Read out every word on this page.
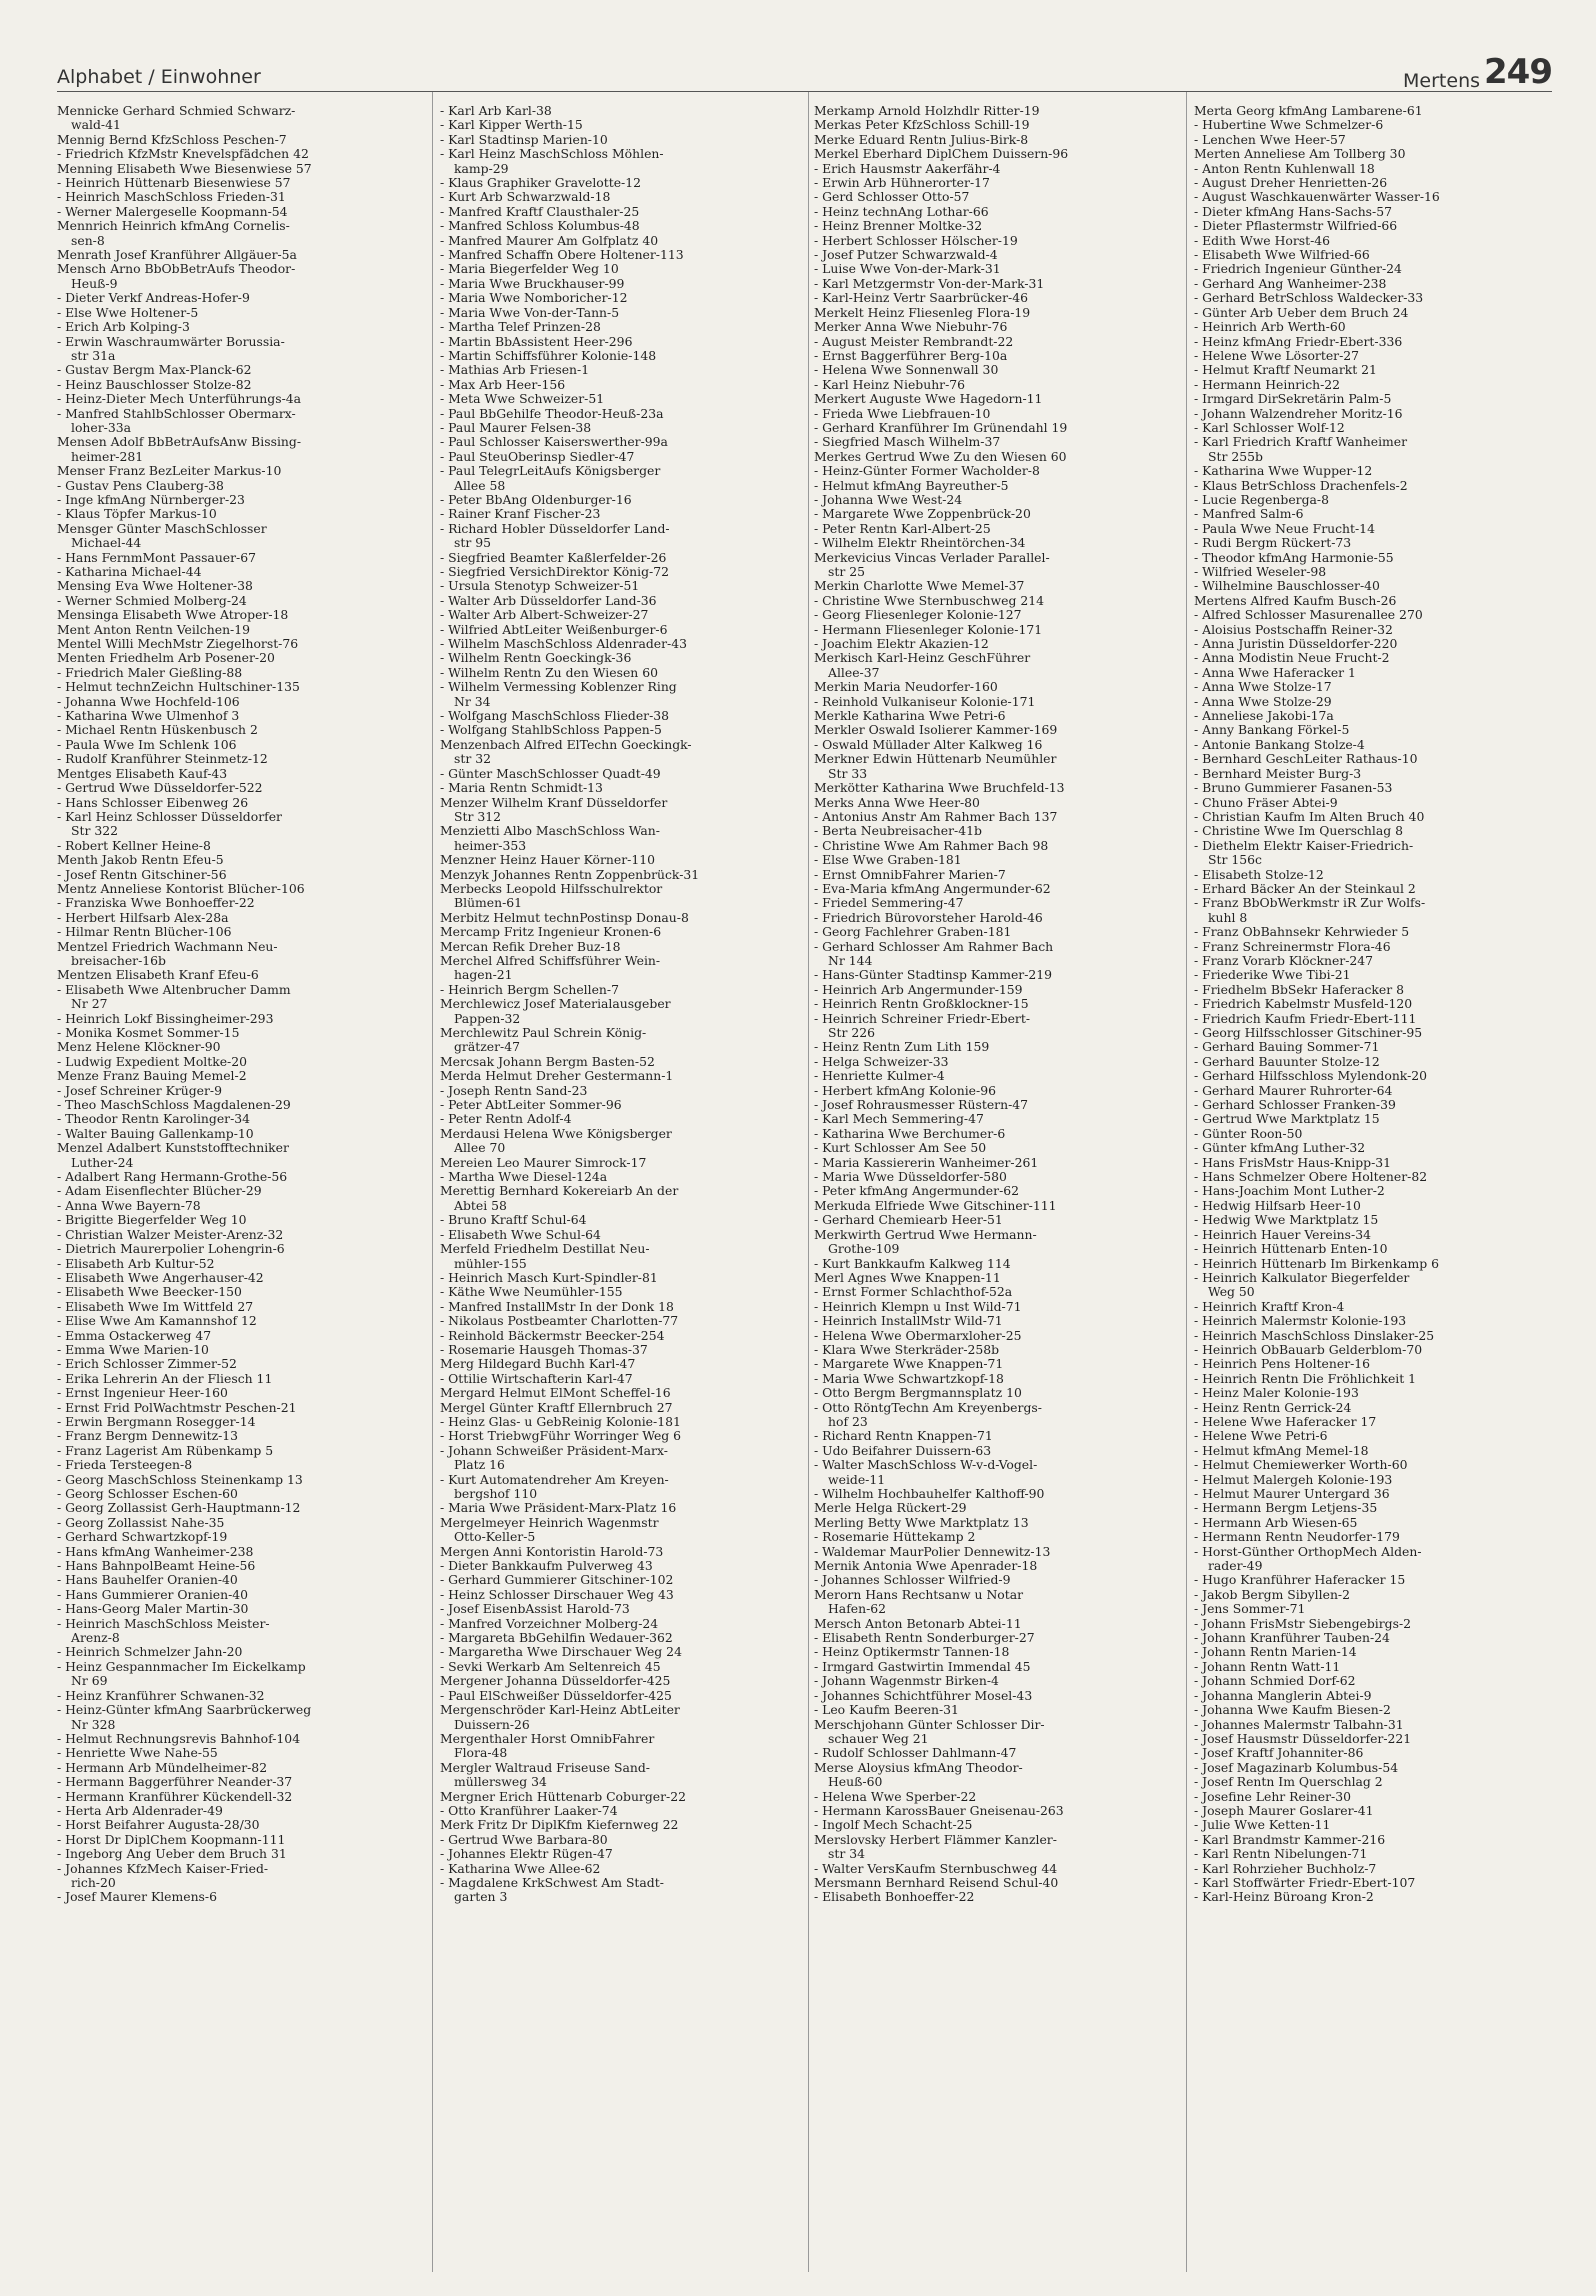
Alphabet / Einwohner	Mertens 249
Mennicke Gerhard Schmied Schwarz-
wald-41
Mennig Bernd KfzSchloss Peschen-7
- Friedrich KfzMstr Knevelspfädchen 42
Menning Elisabeth Wwe Biesenwiese 57
- Heinrich Hüttenarb Biesenwiese 57
- Heinrich MaschSchloss Frieden-31
- Werner Malergeselle Koopmann-54
Mennrich Heinrich kfmAng Cornelis-
sen-8
Menrath Josef Kranführer Allgäuer-5a
Mensch Arno BbObBetrAufs Theodor-
Heuß-9
- Dieter Verkf Andreas-Hofer-9
- Else Wwe Holtener-5
- Erich Arb Kolping-3
- Erwin Waschraumwärter Borussia-
str 31a
- Gustav Bergm Max-Planck-62
- Heinz Bauschlosser Stolze-82
- Heinz-Dieter Mech Unterführungs-4a
- Manfred StahlbSchlosser Obermarx-
loher-33a
Mensen Adolf BbBetrAufsAnw Bissing-
heimer-281
Menser Franz BezLeiter Markus-10
- Gustav Pens Clauberg-38
- Inge kfmAng Nürnberger-23
- Klaus Töpfer Markus-10
Mensger Günter MaschSchlosser
Michael-44
- Hans FernmMont Passauer-67
- Katharina Michael-44
Mensing Eva Wwe Holtener-38
- Werner Schmied Molberg-24
Mensinga Elisabeth Wwe Atroper-18
Ment Anton Rentn Veilchen-19
Mentel Willi MechMstr Ziegelhorst-76
Menten Friedhelm Arb Posener-20
- Friedrich Maler Gießling-88
- Helmut technZeichn Hultschiner-135
- Johanna Wwe Hochfeld-106
- Katharina Wwe Ulmenhof 3
- Michael Rentn Hüskenbusch 2
- Paula Wwe Im Schlenk 106
- Rudolf Kranführer Steinmetz-12
Mentges Elisabeth Kauf-43
- Gertrud Wwe Düsseldorfer-522
- Hans Schlosser Eibenweg 26
- Karl Heinz Schlosser Düsseldorfer
Str 322
- Robert Kellner Heine-8
Menth Jakob Rentn Efeu-5
- Josef Rentn Gitschiner-56
Mentz Anneliese Kontorist Blücher-106
- Franziska Wwe Bonhoeffer-22
- Herbert Hilfsarb Alex-28a
- Hilmar Rentn Blücher-106
Mentzel Friedrich Wachmann Neu-
breisacher-16b
Mentzen Elisabeth Kranf Efeu-6
- Elisabeth Wwe Altenbrucher Damm
Nr 27
- Heinrich Lokf Bissingheimer-293
- Monika Kosmet Sommer-15
Menz Helene Klöckner-90
- Ludwig Expedient Moltke-20
Menze Franz Bauing Memel-2
- Josef Schreiner Krüger-9
- Theo MaschSchloss Magdalenen-29
- Theodor Rentn Karolinger-34
- Walter Bauing Gallenkamp-10
Menzel Adalbert Kunststofftechniker
Luther-24
- Adalbert Rang Hermann-Grothe-56
- Adam Eisenflechter Blücher-29
- Anna Wwe Bayern-78
- Brigitte Biegerfelder Weg 10
- Christian Walzer Meister-Arenz-32
- Dietrich Maurerpolier Lohengrin-6
- Elisabeth Arb Kultur-52
- Elisabeth Wwe Angerhauser-42
- Elisabeth Wwe Beecker-150
- Elisabeth Wwe Im Wittfeld 27
- Elise Wwe Am Kamannshof 12
- Emma Ostackerweg 47
- Emma Wwe Marien-10
- Erich Schlosser Zimmer-52
- Erika Lehrerin An der Fliesch 11
- Ernst Ingenieur Heer-160
- Ernst Frid PolWachtmstr Peschen-21
- Erwin Bergmann Rosegger-14
- Franz Bergm Dennewitz-13
- Franz Lagerist Am Rübenkamp 5
- Frieda Tersteegen-8
- Georg MaschSchloss Steinenkamp 13
- Georg Schlosser Eschen-60
- Georg Zollassist Gerh-Hauptmann-12
- Georg Zollassist Nahe-35
- Gerhard Schwartzkopf-19
- Hans kfmAng Wanheimer-238
- Hans BahnpolBeamt Heine-56
- Hans Bauhelfer Oranien-40
- Hans Gummierer Oranien-40
- Hans-Georg Maler Martin-30
- Heinrich MaschSchloss Meister-
Arenz-8
- Heinrich Schmelzer Jahn-20
- Heinz Gespannmacher Im Eickelkamp
Nr 69
- Heinz Kranführer Schwanen-32
- Heinz-Günter kfmAng Saarbrückerweg
Nr 328
- Helmut Rechnungsrevis Bahnhof-104
- Henriette Wwe Nahe-55
- Hermann Arb Mündelheimer-82
- Hermann Baggerführer Neander-37
- Hermann Kranführer Kückendell-32
- Herta Arb Aldenrader-49
- Horst Beifahrer Augusta-28/30
- Horst Dr DiplChem Koopmann-111
- Ingeborg Ang Ueber dem Bruch 31
- Johannes KfzMech Kaiser-Fried-
rich-20
- Josef Maurer Klemens-6
- Karl Arb Karl-38
- Karl Kipper Werth-15
- Karl Stadtinsp Marien-10
- Karl Heinz MaschSchloss Möhlen-
kamp-29
- Klaus Graphiker Gravelotte-12
- Kurt Arb Schwarzwald-18
- Manfred Kraftf Clausthaler-25
- Manfred Schloss Kolumbus-48
- Manfred Maurer Am Golfplatz 40
- Manfred Schaffn Obere Holtener-113
- Maria Biegerfelder Weg 10
- Maria Wwe Bruckhauser-99
- Maria Wwe Nomboricher-12
- Maria Wwe Von-der-Tann-5
- Martha Telef Prinzen-28
- Martin BbAssistent Heer-296
- Martin Schiffsführer Kolonie-148
- Mathias Arb Friesen-1
- Max Arb Heer-156
- Meta Wwe Schweizer-51
- Paul BbGehilfe Theodor-Heuß-23a
- Paul Maurer Felsen-38
- Paul Schlosser Kaiserswerther-99a
- Paul SteuOberinsp Siedler-47
- Paul TelegrLeitAufs Königsberger
Allee 58
- Peter BbAng Oldenburger-16
- Rainer Kranf Fischer-23
- Richard Hobler Düsseldorfer Land-
str 95
- Siegfried Beamter Kaßlerfelder-26
- Siegfried VersichDirektor König-72
- Ursula Stenotyp Schweizer-51
- Walter Arb Düsseldorfer Land-36
- Walter Arb Albert-Schweizer-27
- Wilfried AbtLeiter Weißenburger-6
- Wilhelm MaschSchloss Aldenrader-43
- Wilhelm Rentn Goeckingk-36
- Wilhelm Rentn Zu den Wiesen 60
- Wilhelm Vermessing Koblenzer Ring
Nr 34
- Wolfgang MaschSchloss Flieder-38
- Wolfgang StahlbSchloss Pappen-5
Menzenbach Alfred ElTechn Goeckingk-
str 32
- Günter MaschSchlosser Quadt-49
- Maria Rentn Schmidt-13
Menzer Wilhelm Kranf Düsseldorfer
Str 312
Menzietti Albo MaschSchloss Wan-
heimer-353
Menzner Heinz Hauer Körner-110
Menzyk Johannes Rentn Zoppenbrück-31
Merbecks Leopold Hilfsschulrektor
Blümen-61
Merbitz Helmut technPostinsp Donau-8
Mercamp Fritz Ingenieur Kronen-6
Mercan Refik Dreher Buz-18
Merchel Alfred Schiffsführer Wein-
hagen-21
- Heinrich Bergm Schellen-7
Merchlewicz Josef Materialausgeber
Pappen-32
Merchlewitz Paul Schrein König-
grätzer-47
Mercsak Johann Bergm Basten-52
Merda Helmut Dreher Gestermann-1
- Joseph Rentn Sand-23
- Peter AbtLeiter Sommer-96
- Peter Rentn Adolf-4
Merdausi Helena Wwe Königsberger
Allee 70
Mereien Leo Maurer Simrock-17
- Martha Wwe Diesel-124a
Merettig Bernhard Kokereiarb An der
Abtei 58
- Bruno Kraftf Schul-64
- Elisabeth Wwe Schul-64
Merfeld Friedhelm Destillat Neu-
mühler-155
- Heinrich Masch Kurt-Spindler-81
- Käthe Wwe Neumühler-155
- Manfred InstallMstr In der Donk 18
- Nikolaus Postbeamter Charlotten-77
- Reinhold Bäckermstr Beecker-254
- Rosemarie Hausgeh Thomas-37
Merg Hildegard Buchh Karl-47
- Ottilie Wirtschafterin Karl-47
Mergard Helmut ElMont Scheffel-16
Mergel Günter Kraftf Ellernbruch 27
- Heinz Glas- u GebReinig Kolonie-181
- Horst TriebwgFühr Worringer Weg 6
- Johann Schweißer Präsident-Marx-
Platz 16
- Kurt Automatendreher Am Kreyen-
bergshof 110
- Maria Wwe Präsident-Marx-Platz 16
Mergelmeyer Heinrich Wagenmstr
Otto-Keller-5
Mergen Anni Kontoristin Harold-73
- Dieter Bankkaufm Pulverweg 43
- Gerhard Gummierer Gitschiner-102
- Heinz Schlosser Dirschauer Weg 43
- Josef EisenbAssist Harold-73
- Manfred Vorzeichner Molberg-24
- Margareta BbGehilfin Wedauer-362
- Margaretha Wwe Dirschauer Weg 24
- Sevki Werkarb Am Seltenreich 45
Mergener Johanna Düsseldorfer-425
- Paul ElSchweißer Düsseldorfer-425
Mergenschröder Karl-Heinz AbtLeiter
Duissern-26
Mergenthaler Horst OmnibFahrer
Flora-48
Mergler Waltraud Friseuse Sand-
müllersweg 34
Mergner Erich Hüttenarb Coburger-22
- Otto Kranführer Laaker-74
Merk Fritz Dr DiplKfm Kiefernweg 22
- Gertrud Wwe Barbara-80
- Johannes Elektr Rügen-47
- Katharina Wwe Allee-62
- Magdalene KrkSchwest Am Stadt-
garten 3
Merkamp Arnold Holzhdlr Ritter-19
Merkas Peter KfzSchloss Schill-19
Merke Eduard Rentn Julius-Birk-8
Merkel Eberhard DiplChem Duissern-96
- Erich Hausmstr Aakerfähr-4
- Erwin Arb Hühnerorter-17
- Gerd Schlosser Otto-57
- Heinz technAng Lothar-66
- Heinz Brenner Moltke-32
- Herbert Schlosser Hölscher-19
- Josef Putzer Schwarzwald-4
- Luise Wwe Von-der-Mark-31
- Karl Metzgermstr Von-der-Mark-31
- Karl-Heinz Vertr Saarbrücker-46
Merkelt Heinz Fliesenleg Flora-19
Merker Anna Wwe Niebuhr-76
- August Meister Rembrandt-22
- Ernst Baggerführer Berg-10a
- Helena Wwe Sonnenwall 30
- Karl Heinz Niebuhr-76
Merkert Auguste Wwe Hagedorn-11
- Frieda Wwe Liebfrauen-10
- Gerhard Kranführer Im Grünendahl 19
- Siegfried Masch Wilhelm-37
Merkes Gertrud Wwe Zu den Wiesen 60
- Heinz-Günter Former Wacholder-8
- Helmut kfmAng Bayreuther-5
- Johanna Wwe West-24
- Margarete Wwe Zoppenbrück-20
- Peter Rentn Karl-Albert-25
- Wilhelm Elektr Rheintörchen-34
Merkevicius Vincas Verlader Parallel-
str 25
Merkin Charlotte Wwe Memel-37
- Christine Wwe Sternbuschweg 214
- Georg Fliesenleger Kolonie-127
- Hermann Fliesenleger Kolonie-171
- Joachim Elektr Akazien-12
Merkisch Karl-Heinz GeschFührer
Allee-37
Merkin Maria Neudorfer-160
- Reinhold Vulkaniseur Kolonie-171
Merkle Katharina Wwe Petri-6
Merkler Oswald Isolierer Kammer-169
- Oswald Müllader Alter Kalkweg 16
Merkner Edwin Hüttenarb Neumühler
Str 33
Merkötter Katharina Wwe Bruchfeld-13
Merks Anna Wwe Heer-80
- Antonius Anstr Am Rahmer Bach 137
- Berta Neubreisacher-41b
- Christine Wwe Am Rahmer Bach 98
- Else Wwe Graben-181
- Ernst OmnibFahrer Marien-7
- Eva-Maria kfmAng Angermunder-62
- Friedel Semmering-47
- Friedrich Bürovorsteher Harold-46
- Georg Fachlehrer Graben-181
- Gerhard Schlosser Am Rahmer Bach
Nr 144
- Hans-Günter Stadtinsp Kammer-219
- Heinrich Arb Angermunder-159
- Heinrich Rentn Großklockner-15
- Heinrich Schreiner Friedr-Ebert-
Str 226
- Heinz Rentn Zum Lith 159
- Helga Schweizer-33
- Henriette Kulmer-4
- Herbert kfmAng Kolonie-96
- Josef Rohrausmesser Rüstern-47
- Karl Mech Semmering-47
- Katharina Wwe Berchumer-6
- Kurt Schlosser Am See 50
- Maria Kassiererin Wanheimer-261
- Maria Wwe Düsseldorfer-580
- Peter kfmAng Angermunder-62
Merkuda Elfriede Wwe Gitschiner-111
- Gerhard Chemiearb Heer-51
Merkwirth Gertrud Wwe Hermann-
Grothe-109
- Kurt Bankkaufm Kalkweg 114
Merl Agnes Wwe Knappen-11
- Ernst Former Schlachthof-52a
- Heinrich Klempn u Inst Wild-71
- Heinrich InstallMstr Wild-71
- Helena Wwe Obermarxloher-25
- Klara Wwe Sterkräder-258b
- Margarete Wwe Knappen-71
- Maria Wwe Schwartzkopf-18
- Otto Bergm Bergmannsplatz 10
- Otto RöntgTechn Am Kreyenbergs-
hof 23
- Richard Rentn Knappen-71
- Udo Beifahrer Duissern-63
- Walter MaschSchloss W-v-d-Vogel-
weide-11
- Wilhelm Hochbauhelfer Kalthoff-90
Merle Helga Rückert-29
Merling Betty Wwe Marktplatz 13
- Rosemarie Hüttekamp 2
- Waldemar MaurPolier Dennewitz-13
Mernik Antonia Wwe Apenrader-18
- Johannes Schlosser Wilfried-9
Merorn Hans Rechtsanw u Notar
Hafen-62
Mersch Anton Betonarb Abtei-11
- Elisabeth Rentn Sonderburger-27
- Heinz Optikermstr Tannen-18
- Irmgard Gastwirtin Immendal 45
- Johann Wagenmstr Birken-4
- Johannes Schichtführer Mosel-43
- Leo Kaufm Beeren-31
Merschjohann Günter Schlosser Dir-
schauer Weg 21
- Rudolf Schlosser Dahlmann-47
Merse Aloysius kfmAng Theodor-
Heuß-60
- Helena Wwe Sperber-22
- Hermann KarossBauer Gneisenau-263
- Ingolf Mech Schacht-25
Merslovsky Herbert Flämmer Kanzler-
str 34
- Walter VersKaufm Sternbuschweg 44
Mersmann Bernhard Reisend Schul-40
- Elisabeth Bonhoeffer-22
Merta Georg kfmAng Lambarene-61
- Hubertine Wwe Schmelzer-6
- Lenchen Wwe Heer-57
Merten Anneliese Am Tollberg 30
- Anton Rentn Kuhlenwall 18
- August Dreher Henrietten-26
- August Waschkauenwärter Wasser-16
- Dieter kfmAng Hans-Sachs-57
- Dieter Pflastermstr Wilfried-66
- Edith Wwe Horst-46
- Elisabeth Wwe Wilfried-66
- Friedrich Ingenieur Günther-24
- Gerhard Ang Wanheimer-238
- Gerhard BetrSchloss Waldecker-33
- Günter Arb Ueber dem Bruch 24
- Heinrich Arb Werth-60
- Heinz kfmAng Friedr-Ebert-336
- Helene Wwe Lösorter-27
- Helmut Kraftf Neumarkt 21
- Hermann Heinrich-22
- Irmgard DirSekretärin Palm-5
- Johann Walzendreher Moritz-16
- Karl Schlosser Wolf-12
- Karl Friedrich Kraftf Wanheimer
Str 255b
- Katharina Wwe Wupper-12
- Klaus BetrSchloss Drachenfels-2
- Lucie Regenberga-8
- Manfred Salm-6
- Paula Wwe Neue Frucht-14
- Rudi Bergm Rückert-73
- Theodor kfmAng Harmonie-55
- Wilfried Weseler-98
- Wilhelmine Bauschlosser-40
Mertens Alfred Kaufm Busch-26
- Alfred Schlosser Masurenallee 270
- Aloisius Postschaffn Reiner-32
- Anna Juristin Düsseldorfer-220
- Anna Modistin Neue Frucht-2
- Anna Wwe Haferacker 1
- Anna Wwe Stolze-17
- Anna Wwe Stolze-29
- Anneliese Jakobi-17a
- Anny Bankang Förkel-5
- Antonie Bankang Stolze-4
- Bernhard GeschLeiter Rathaus-10
- Bernhard Meister Burg-3
- Bruno Gummierer Fasanen-53
- Chuno Fräser Abtei-9
- Christian Kaufm Im Alten Bruch 40
- Christine Wwe Im Querschlag 8
- Diethelm Elektr Kaiser-Friedrich-
Str 156c
- Elisabeth Stolze-12
- Erhard Bäcker An der Steinkaul 2
- Franz BbObWerkmstr iR Zur Wolfs-
kuhl 8
- Franz ObBahnsekr Kehrwieder 5
- Franz Schreinermstr Flora-46
- Franz Vorarb Klöckner-247
- Friederike Wwe Tibi-21
- Friedhelm BbSekr Haferacker 8
- Friedrich Kabelmstr Musfeld-120
- Friedrich Kaufm Friedr-Ebert-111
- Georg Hilfsschlosser Gitschiner-95
- Gerhard Bauing Sommer-71
- Gerhard Bauunter Stolze-12
- Gerhard Hilfsschloss Mylendonk-20
- Gerhard Maurer Ruhrorter-64
- Gerhard Schlosser Franken-39
- Gertrud Wwe Marktplatz 15
- Günter Roon-50
- Günter kfmAng Luther-32
- Hans FrisMstr Haus-Knipp-31
- Hans Schmelzer Obere Holtener-82
- Hans-Joachim Mont Luther-2
- Hedwig Hilfsarb Heer-10
- Hedwig Wwe Marktplatz 15
- Heinrich Hauer Vereins-34
- Heinrich Hüttenarb Enten-10
- Heinrich Hüttenarb Im Birkenkamp 6
- Heinrich Kalkulator Biegerfelder
Weg 50
- Heinrich Kraftf Kron-4
- Heinrich Malermstr Kolonie-193
- Heinrich MaschSchloss Dinslaker-25
- Heinrich ObBauarb Gelderblom-70
- Heinrich Pens Holtener-16
- Heinrich Rentn Die Fröhlichkeit 1
- Heinz Maler Kolonie-193
- Heinz Rentn Gerrick-24
- Helene Wwe Haferacker 17
- Helene Wwe Petri-6
- Helmut kfmAng Memel-18
- Helmut Chemiewerker Worth-60
- Helmut Malergeh Kolonie-193
- Helmut Maurer Untergard 36
- Hermann Bergm Letjens-35
- Hermann Arb Wiesen-65
- Hermann Rentn Neudorfer-179
- Horst-Günther OrthopMech Alden-
rader-49
- Hugo Kranführer Haferacker 15
- Jakob Bergm Sibyllen-2
- Jens Sommer-71
- Johann FrisMstr Siebengebirgs-2
- Johann Kranführer Tauben-24
- Johann Rentn Marien-14
- Johann Rentn Watt-11
- Johann Schmied Dorf-62
- Johanna Manglerin Abtei-9
- Johanna Wwe Kaufm Biesen-2
- Johannes Malermstr Talbahn-31
- Josef Hausmstr Düsseldorfer-221
- Josef Kraftf Johanniter-86
- Josef Magazinarb Kolumbus-54
- Josef Rentn Im Querschlag 2
- Josefine Lehr Reiner-30
- Joseph Maurer Goslarer-41
- Julie Wwe Ketten-11
- Karl Brandmstr Kammer-216
- Karl Rentn Nibelungen-71
- Karl Rohrzieher Buchholz-7
- Karl Stoffwärter Friedr-Ebert-107
- Karl-Heinz Büroang Kron-2
